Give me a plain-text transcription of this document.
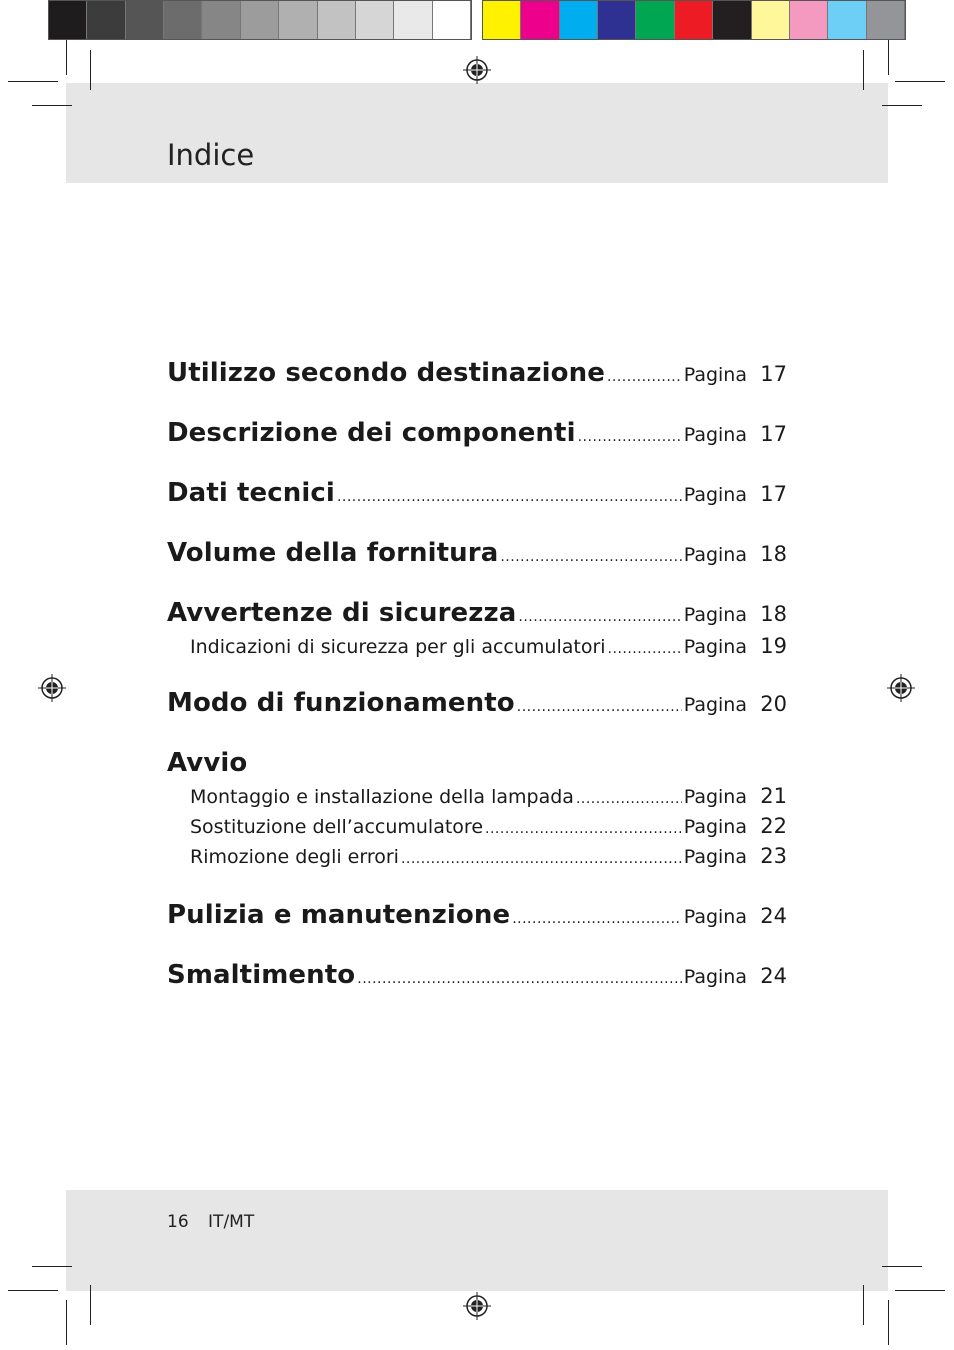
Indice
Utilizzo secondo destinazione .....	Pagina 17
Descrizione dei componenti .....	Pagina 17
Dati tecnici .....	Pagina 17
Volume della fornitura .....	Pagina 18
Avvertenze di sicurezza .....	Pagina 18
Indicazioni di sicurezza per gli accumulatori .....	Pagina 19
Modo di funzionamento .....	Pagina 20
Avvio
Montaggio e installazione della lampada .....	Pagina 21
Sostituzione dell’accumulatore .....	Pagina 22
Rimozione degli errori .....	Pagina 23
Pulizia e manutenzione .....	Pagina 24
Smaltimento .....	Pagina 24
16 IT/MT
